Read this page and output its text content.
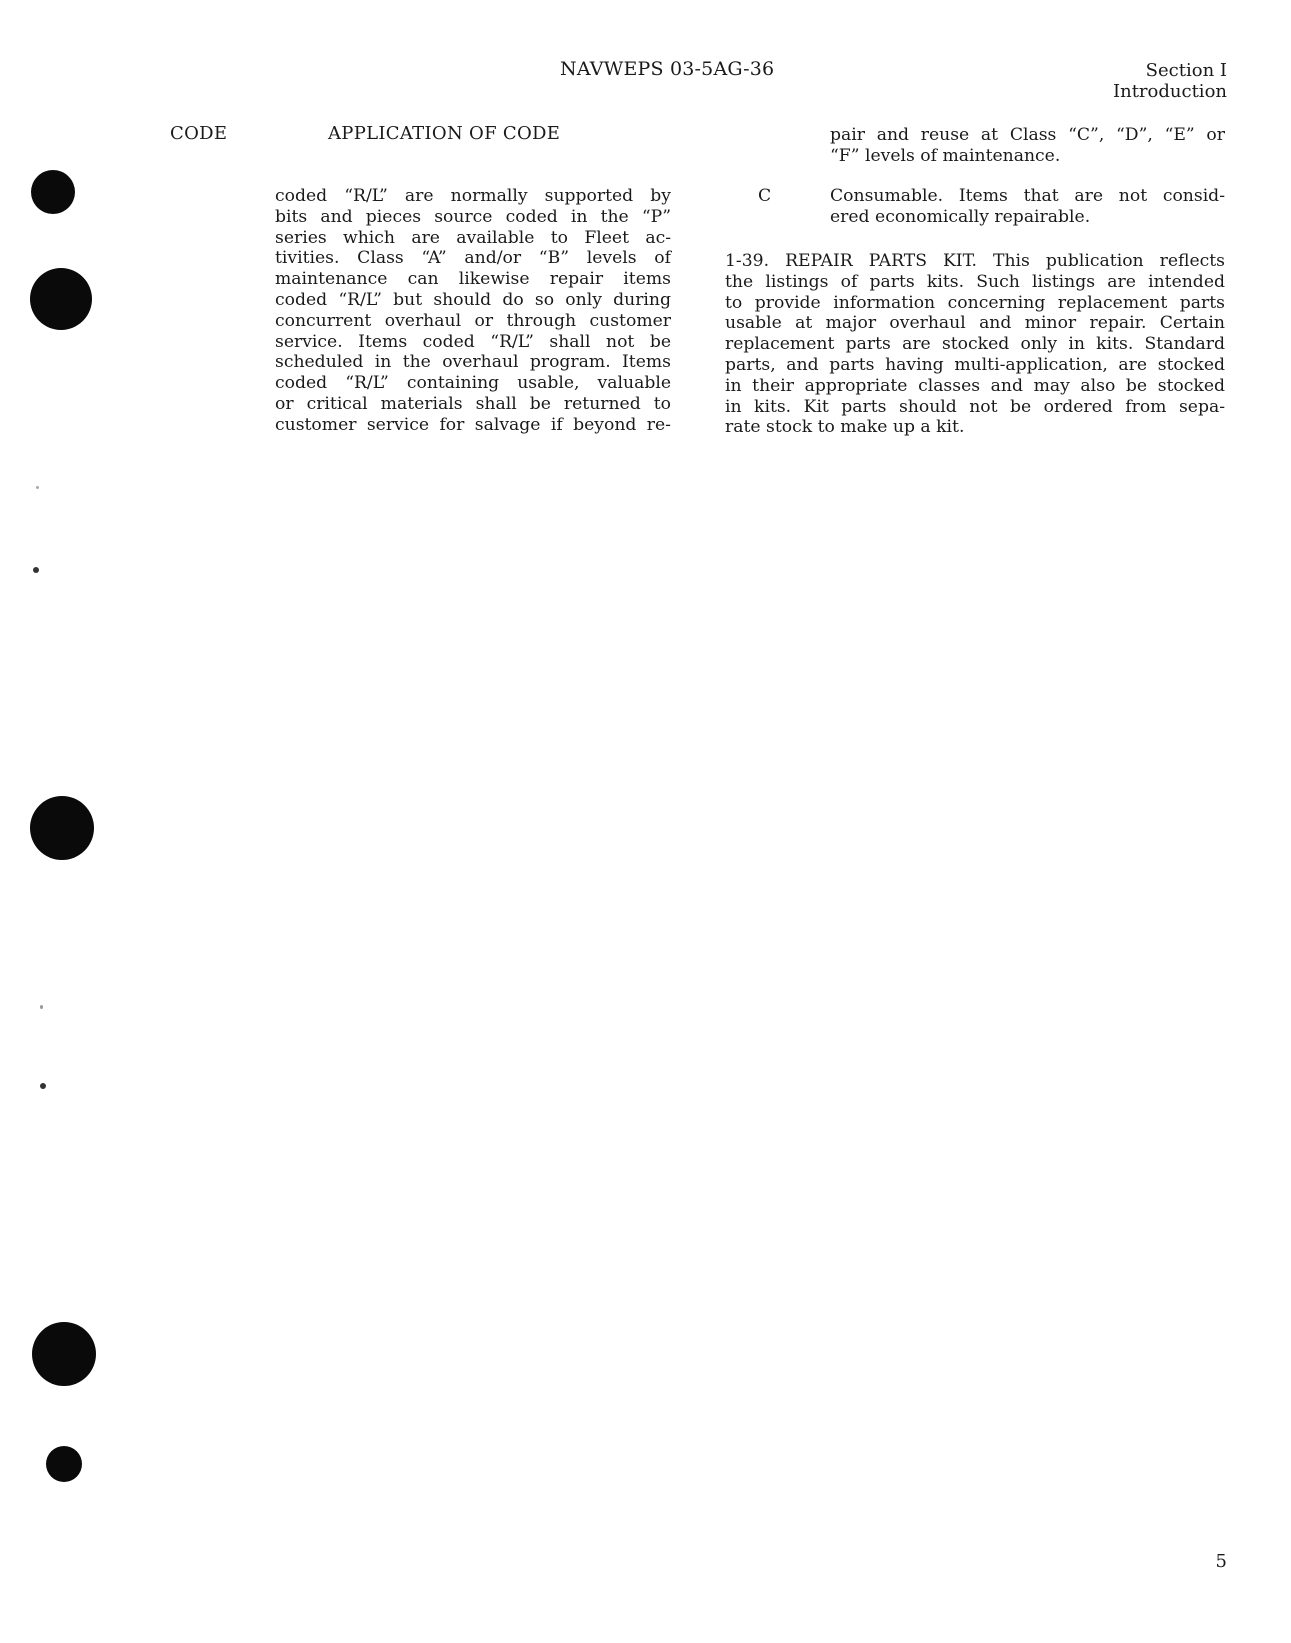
NAVWEPS 03-5AG-36	Section I
Introduction
CODE	APPLICATION OF CODE
coded “R/L” are normally supported by
bits and pieces source coded in the “P”
series which are available to Fleet ac-
tivities. Class “A” and/or “B” levels of
maintenance can likewise repair items
coded “R/L” but should do so only during
concurrent overhaul or through customer
service. Items coded “R/L” shall not be
scheduled in the overhaul program. Items
coded “R/L” containing usable, valuable
or critical materials shall be returned to
customer service for salvage if beyond re-
pair and reuse at Class “C”, “D”, “E” or
“F” levels of maintenance.
C	Consumable. Items that are not consid-
ered economically repairable.
1-39. REPAIR PARTS KIT. This publication reflects
the listings of parts kits. Such listings are intended
to provide information concerning replacement parts
usable at major overhaul and minor repair. Certain
replacement parts are stocked only in kits. Standard
parts, and parts having multi-application, are stocked
in their appropriate classes and may also be stocked
in kits. Kit parts should not be ordered from sepa-
rate stock to make up a kit.
5
